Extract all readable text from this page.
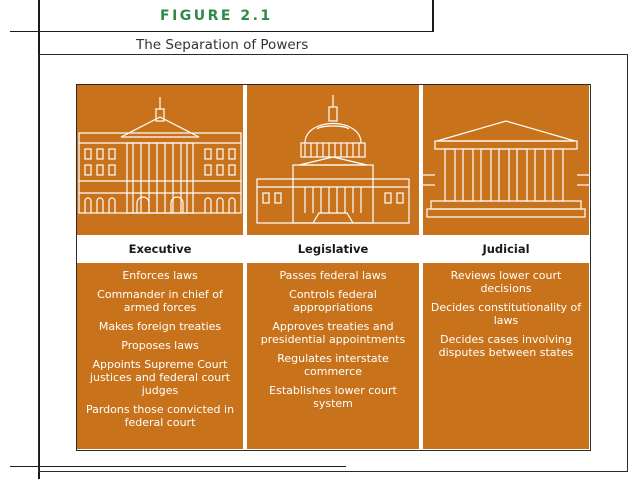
FIGURE 2.1
The Separation of Powers
Executive
Enforces laws
Commander in chief of armed forces
Makes foreign treaties
Proposes laws
Appoints Supreme Court justices and federal court judges
Pardons those convicted in federal court
Legislative
Passes federal laws
Controls federal appropriations
Approves treaties and presidential appointments
Regulates interstate commerce
Establishes lower court system
Judicial
Reviews lower court decisions
Decides constitutionality of laws
Decides cases involving disputes between states
